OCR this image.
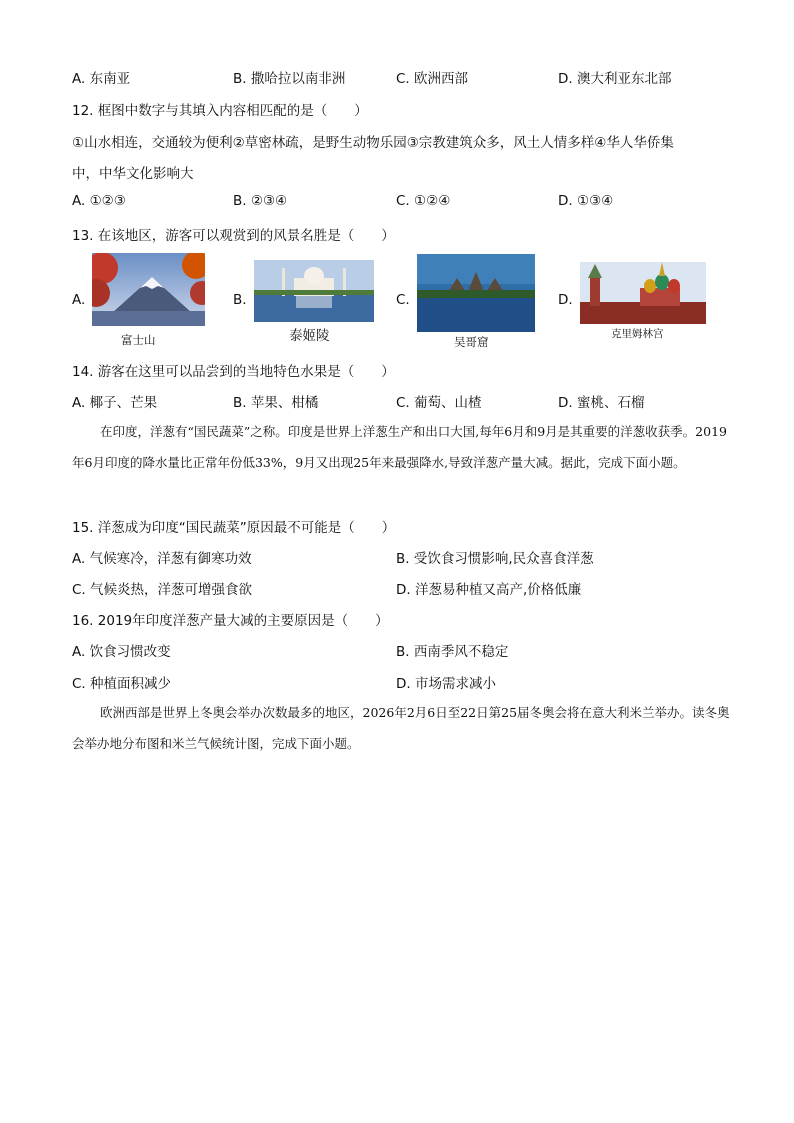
A. 东南亚	B. 撒哈拉以南非洲	C. 欧洲西部	D. 澳大利亚东北部
12. 框图中数字与其填入内容相匹配的是（　　）
①山水相连，交通较为便利②草密林疏，是野生动物乐园③宗教建筑众多，风土人情多样④华人华侨集
中，中华文化影响大
A. ①②③	B. ②③④	C. ①②④	D. ①③④
13. 在该地区，游客可以观赏到的风景名胜是（　　）
A.
富士山
B.
泰姬陵
C.
吴哥窟
D.
克里姆林宫
14. 游客在这里可以品尝到的当地特色水果是（　　）
A. 椰子、芒果	B. 苹果、柑橘	C. 葡萄、山楂	D. 蜜桃、石榴
在印度，洋葱有“国民蔬菜”之称。印度是世界上洋葱生产和出口大国,每年6月和9月是其重要的洋葱收获季。2019年6月印度的降水量比正常年份低33%，9月又出现25年来最强降水,导致洋葱产量大减。据此，完成下面小题。
15. 洋葱成为印度“国民蔬菜”原因最不可能是（　　）
A. 气候寒冷，洋葱有御寒功效	B. 受饮食习惯影响,民众喜食洋葱
C. 气候炎热，洋葱可增强食欲	D. 洋葱易种植又高产,价格低廉
16. 2019年印度洋葱产量大减的主要原因是（　　）
A. 饮食习惯改变	B. 西南季风不稳定
C. 种植面积减少	D. 市场需求减小
欧洲西部是世界上冬奥会举办次数最多的地区，2026年2月6日至22日第25届冬奥会将在意大利米兰举办。读冬奥会举办地分布图和米兰气候统计图，完成下面小题。
